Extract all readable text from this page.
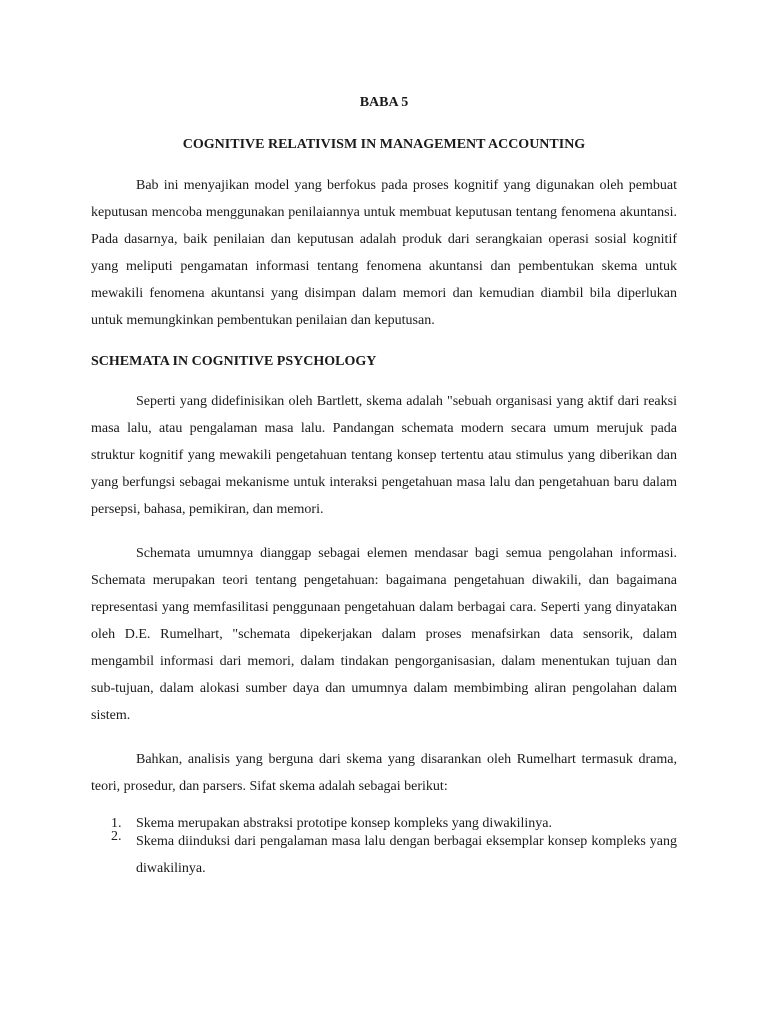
BABA 5
COGNITIVE RELATIVISM IN MANAGEMENT ACCOUNTING

Bab ini menyajikan model yang berfokus pada proses kognitif yang digunakan oleh pembuat keputusan mencoba menggunakan penilaiannya untuk membuat keputusan tentang fenomena akuntansi. Pada dasarnya, baik penilaian dan keputusan adalah produk dari serangkaian operasi sosial kognitif yang meliputi pengamatan informasi tentang fenomena akuntansi dan pembentukan skema untuk mewakili fenomena akuntansi yang disimpan dalam memori dan kemudian diambil bila diperlukan untuk memungkinkan pembentukan penilaian dan keputusan.

SCHEMATA IN COGNITIVE PSYCHOLOGY

Seperti yang didefinisikan oleh Bartlett, skema adalah "sebuah organisasi yang aktif dari reaksi masa lalu, atau pengalaman masa lalu. Pandangan schemata modern secara umum merujuk pada struktur kognitif yang mewakili pengetahuan tentang konsep tertentu atau stimulus yang diberikan dan yang berfungsi sebagai mekanisme untuk interaksi pengetahuan masa lalu dan pengetahuan baru dalam persepsi, bahasa, pemikiran, dan memori.

Schemata umumnya dianggap sebagai elemen mendasar bagi semua pengolahan informasi. Schemata merupakan teori tentang pengetahuan: bagaimana pengetahuan diwakili, dan bagaimana representasi yang memfasilitasi penggunaan pengetahuan dalam berbagai cara. Seperti yang dinyatakan oleh D.E. Rumelhart, "schemata dipekerjakan dalam proses menafsirkan data sensorik, dalam mengambil informasi dari memori, dalam tindakan pengorganisasian, dalam menentukan tujuan dan sub-tujuan, dalam alokasi sumber daya dan umumnya dalam membimbing aliran pengolahan dalam sistem.

Bahkan, analisis yang berguna dari skema yang disarankan oleh Rumelhart termasuk drama, teori, prosedur, dan parsers. Sifat skema adalah sebagai berikut:

1. Skema merupakan abstraksi prototipe konsep kompleks yang diwakilinya.
2. Skema diinduksi dari pengalaman masa lalu dengan berbagai eksemplar konsep kompleks yang diwakilinya.
